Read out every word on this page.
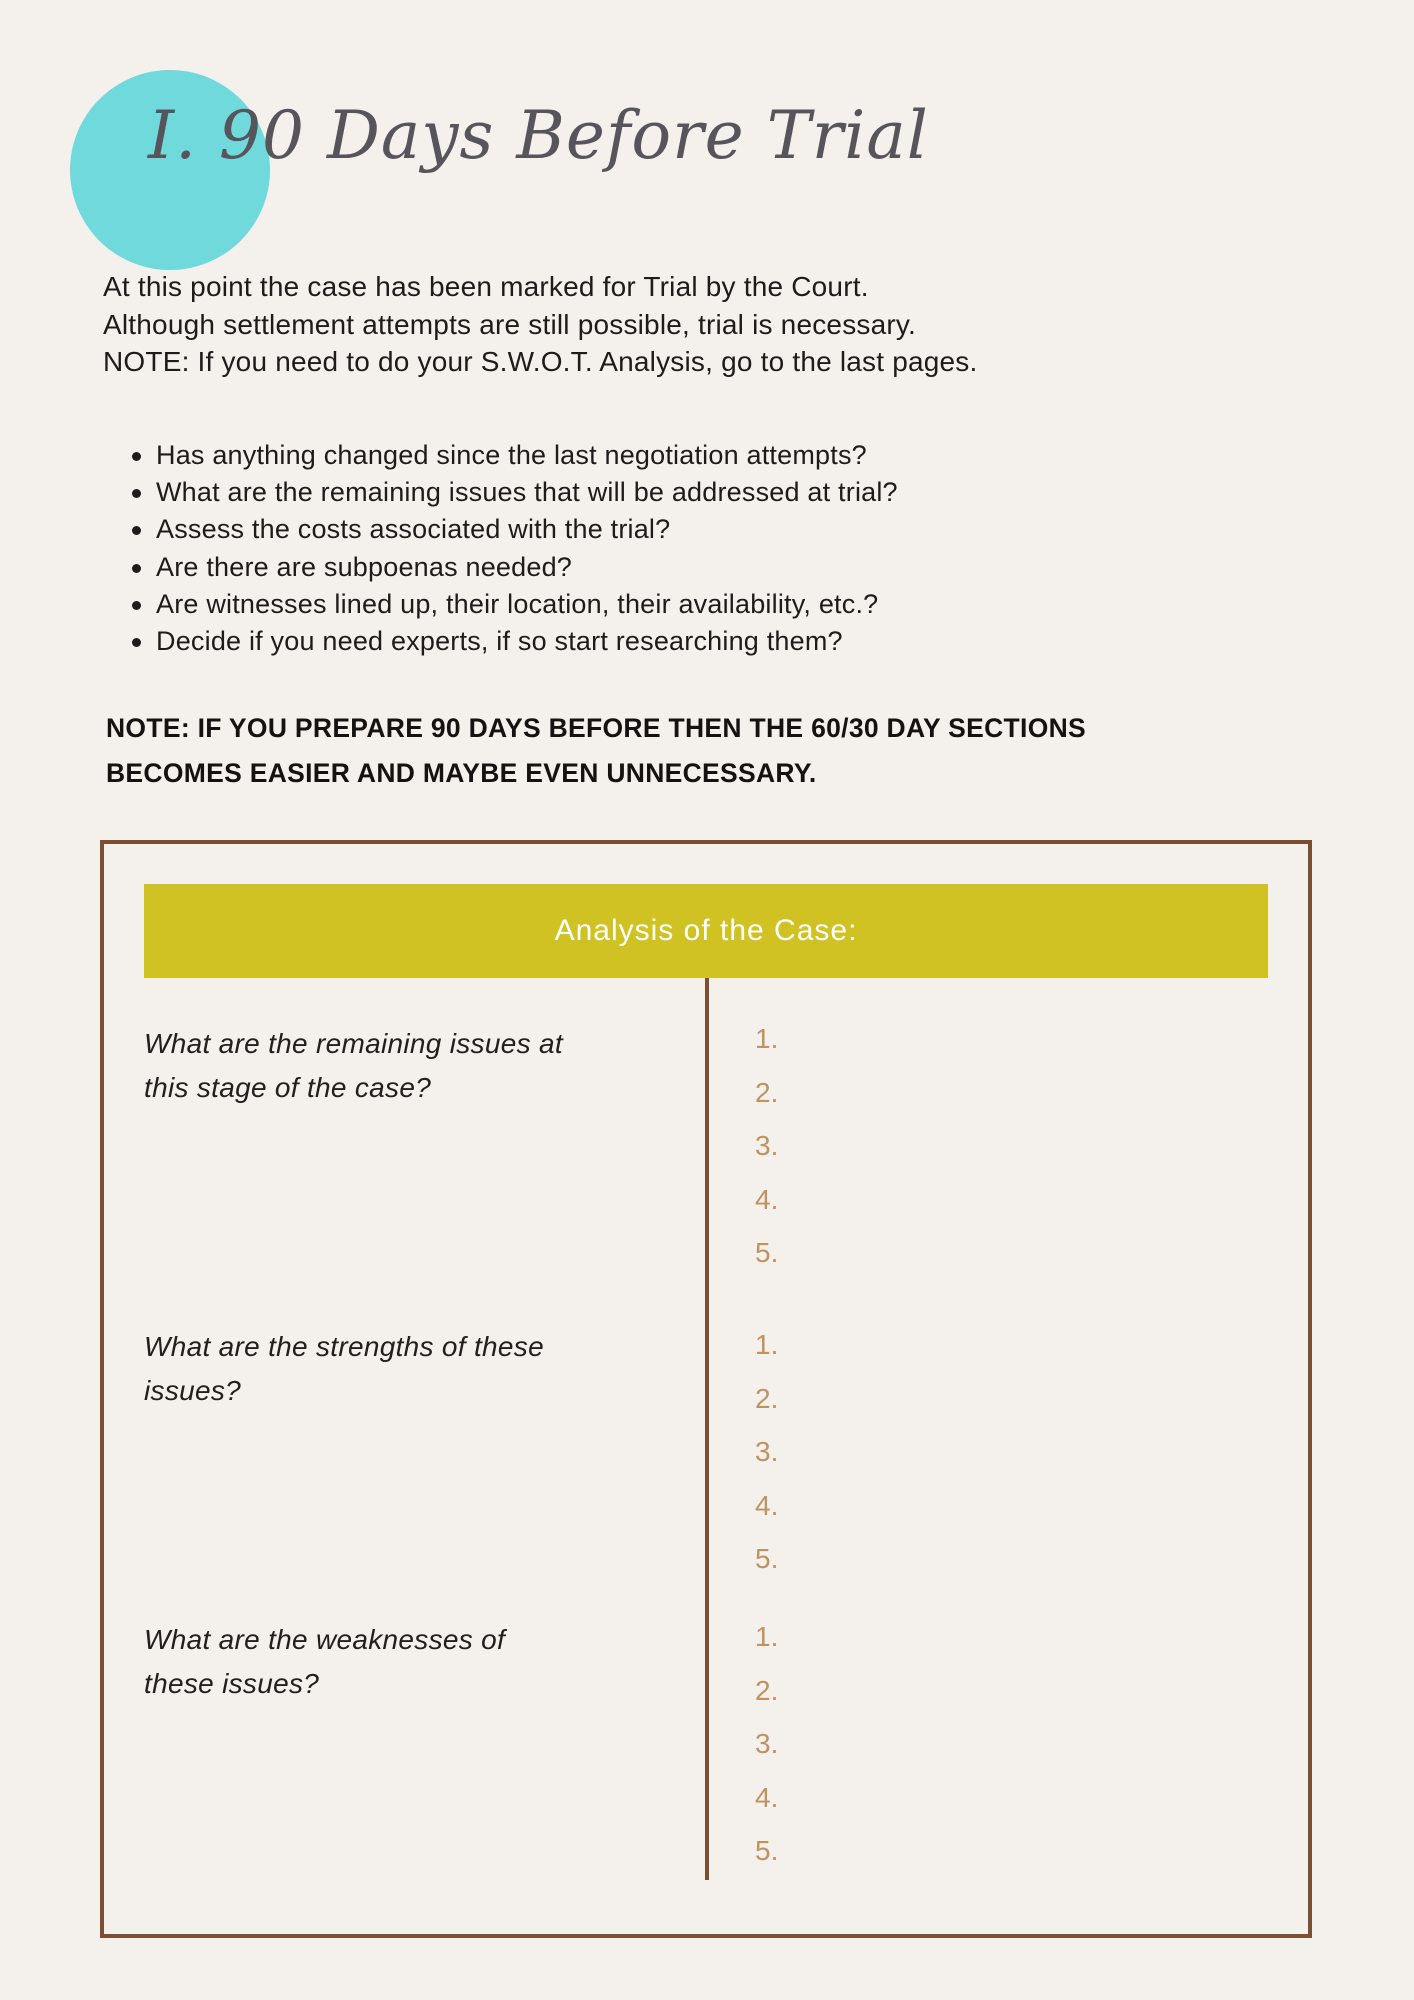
I. 90 Days Before Trial
At this point the case has been marked for Trial by the Court.
Although settlement attempts are still possible, trial is necessary.
NOTE: If you need to do your S.W.O.T. Analysis, go to the last pages.
Has anything changed since the last negotiation attempts?
What are the remaining issues that will be addressed at trial?
Assess the costs associated with the trial?
Are there are subpoenas needed?
Are witnesses lined up, their location, their availability, etc.?
Decide if you need experts, if so start researching them?
NOTE: IF YOU PREPARE 90 DAYS BEFORE THEN THE 60/30 DAY SECTIONS
BECOMES EASIER AND MAYBE EVEN UNNECESSARY.
Analysis of the Case:
What are the remaining issues at
this stage of the case?
1.
2.
3.
4.
5.
What are the strengths of these
issues?
1.
2.
3.
4.
5.
What are the weaknesses of
these issues?
1.
2.
3.
4.
5.
